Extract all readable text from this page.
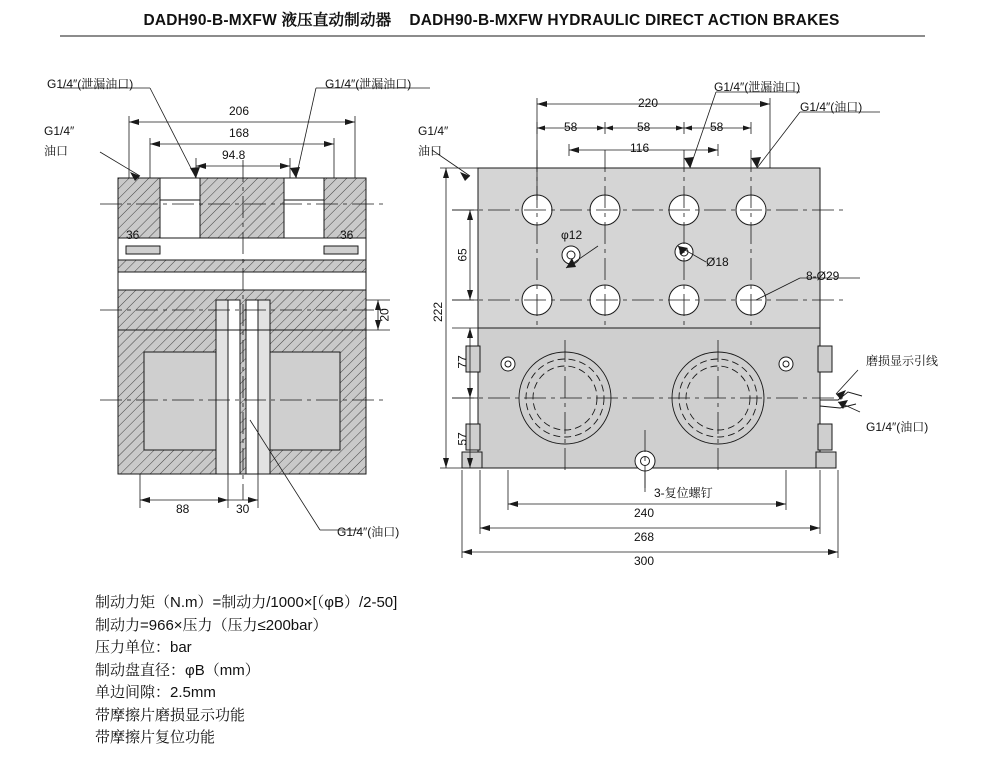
DADH90-B-MXFW 液压直动制动器 DADH90-B-MXFW HYDRAULIC DIRECT ACTION BRAKES
G1/4″(泄漏油口)	G1/4″(泄漏油口)
G1/4″
油口
G1/4″(油口)
206
168
94.8
36	36
20
88	30
G1/4″(泄漏油口)
G1/4″(油口)
G1/4″
油口
φ12
Ø18
8-Ø29
磨损显示引线
G1/4″(油口)
3-复位螺钉
220
58	58	58
116
65
222
77
57
240
268
300
制动力矩（N.m）=制动力/1000×[（φB）/2-50]
制动力=966×压力（压力≤200bar）
压力单位：bar
制动盘直径：φB（mm）
单边间隙：2.5mm
带摩擦片磨损显示功能
带摩擦片复位功能
